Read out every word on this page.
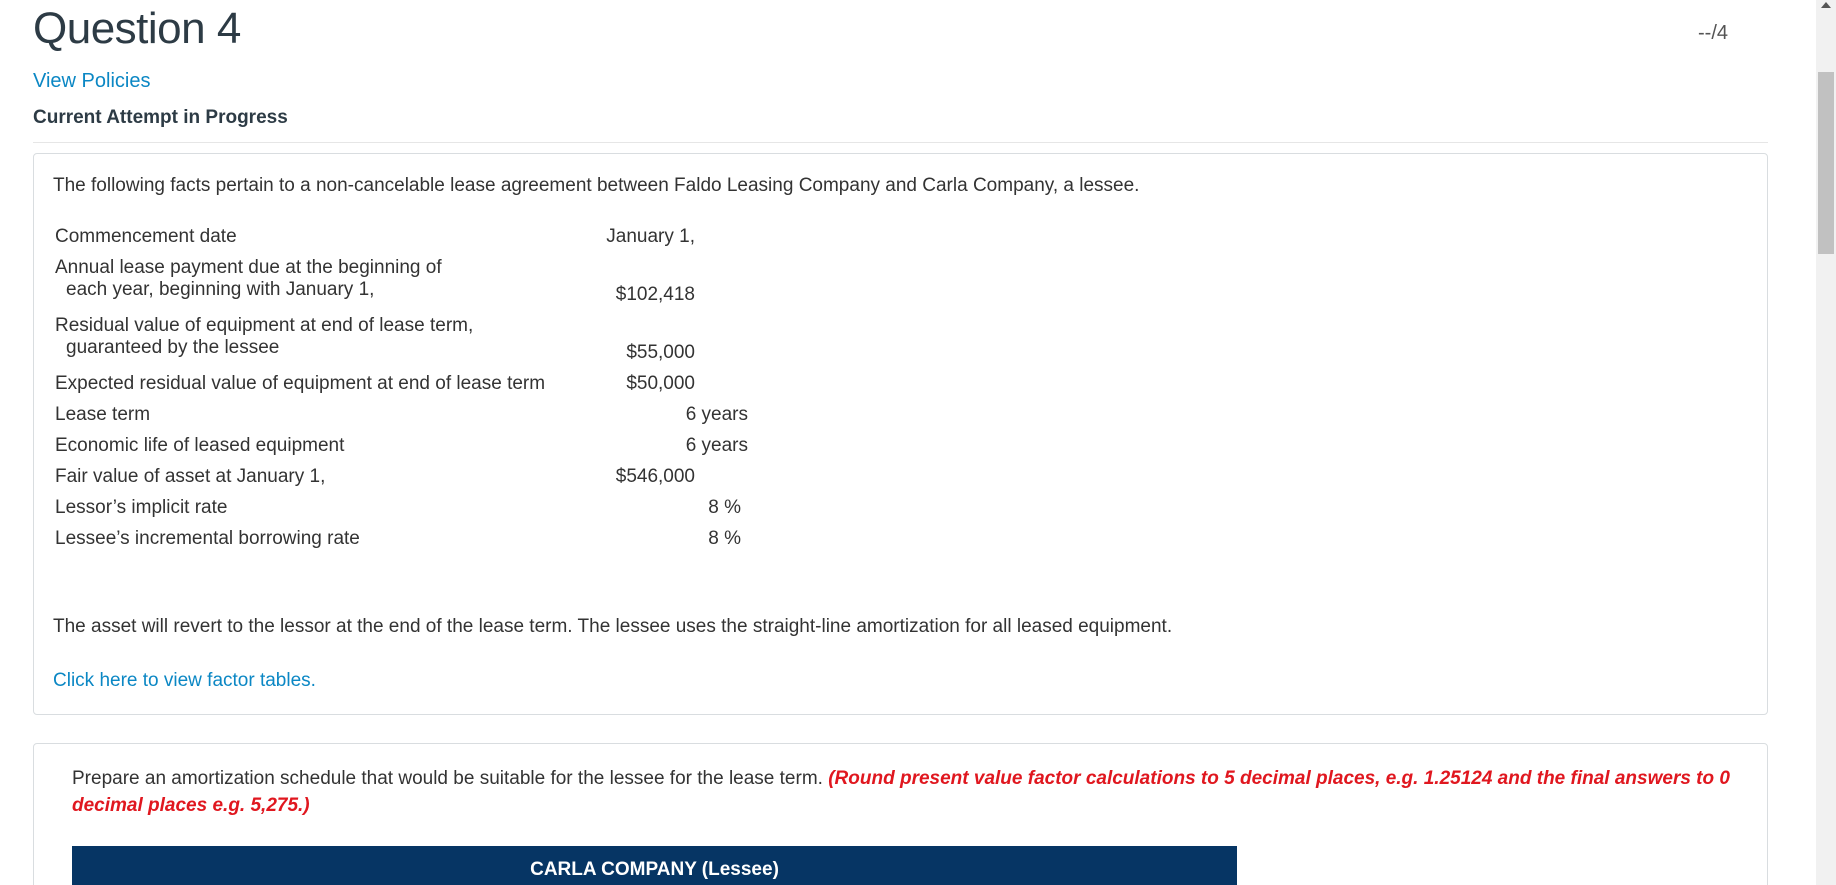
Question 4	--/4
View Policies
Current Attempt in Progress
The following facts pertain to a non-cancelable lease agreement between Faldo Leasing Company and Carla Company, a lessee.
Commencement date	January 1,
Annual lease payment due at the beginning of
each year, beginning with January 1,	$102,418
Residual value of equipment at end of lease term,
guaranteed by the lessee	$55,000
Expected residual value of equipment at end of lease term	$50,000
Lease term	6 years
Economic life of leased equipment	6 years
Fair value of asset at January 1,	$546,000
Lessor’s implicit rate	8 %
Lessee’s incremental borrowing rate	8 %
The asset will revert to the lessor at the end of the lease term. The lessee uses the straight-line amortization for all leased equipment.
Click here to view factor tables.
Prepare an amortization schedule that would be suitable for the lessee for the lease term. (Round present value factor calculations to 5 decimal places, e.g. 1.25124 and the final answers to 0 decimal places e.g. 5,275.)
CARLA COMPANY (Lessee)
